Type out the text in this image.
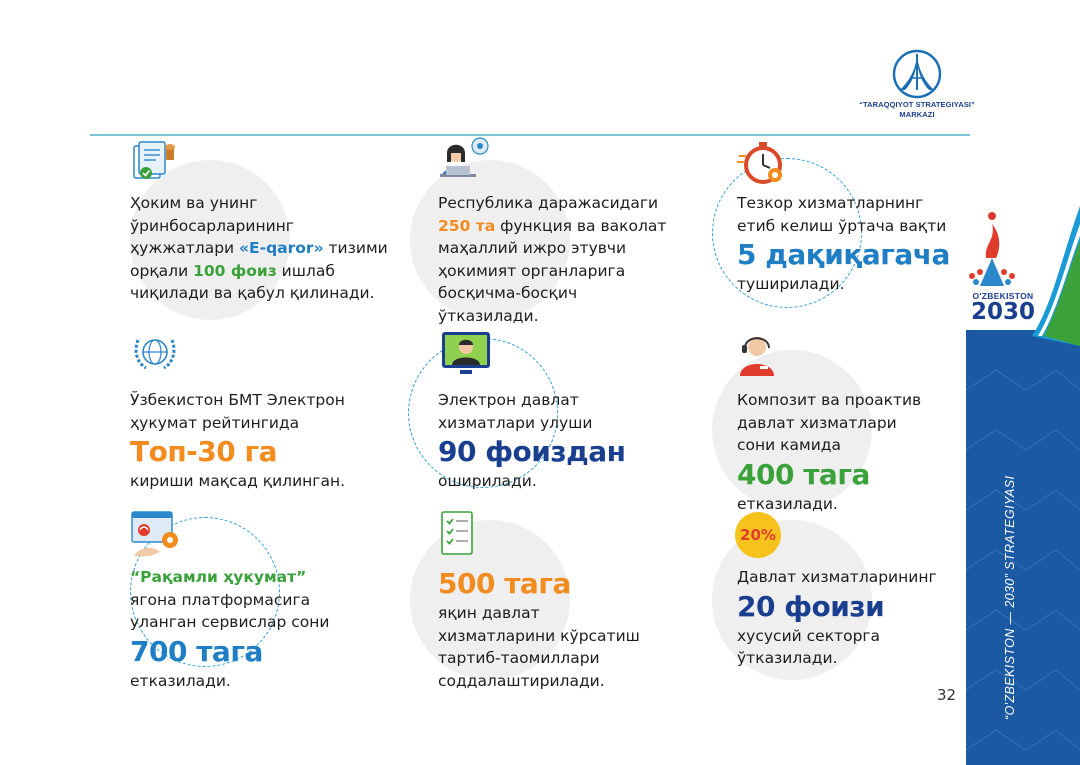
“TARAQQIYOT STRATEGIYASI”
MARKAZI
Ҳоким ва унинг
ўринбосарларининг
ҳужжатлари «E-qaror» тизими
орқали 100 фоиз ишлаб
чиқилади ва қабул қилинади.
Республика даражасидаги
250 та функция ва ваколат
маҳаллий ижро этувчи
ҳокимият органларига
босқичма-босқич
ўтказилади.
Тезкор хизматларнинг
етиб келиш ўртача вақти
5 дақиқагача
туширилади.
Ўзбекистон БМТ Электрон
ҳукумат рейтингида
Топ-30 га
кириши мақсад қилинган.
Электрон давлат
хизматлари улуши
90 фоиздан
оширилади.
Композит ва проактив
давлат хизматлари
сони камида
400 тага
етказилади.
“Рақамли ҳукумат”
ягона платформасига
уланган сервислар сони
700 тага
етказилади.
500 тага
яқин давлат
хизматларини кўрсатиш
тартиб-таомиллари
соддалаштирилади.
20%
Давлат хизматларининг
20 фоизи
хусусий секторга
ўтказилади.
32
O'ZBEKISTON
2030
“O'ZBEKISTON — 2030” STRATEGIYASI
